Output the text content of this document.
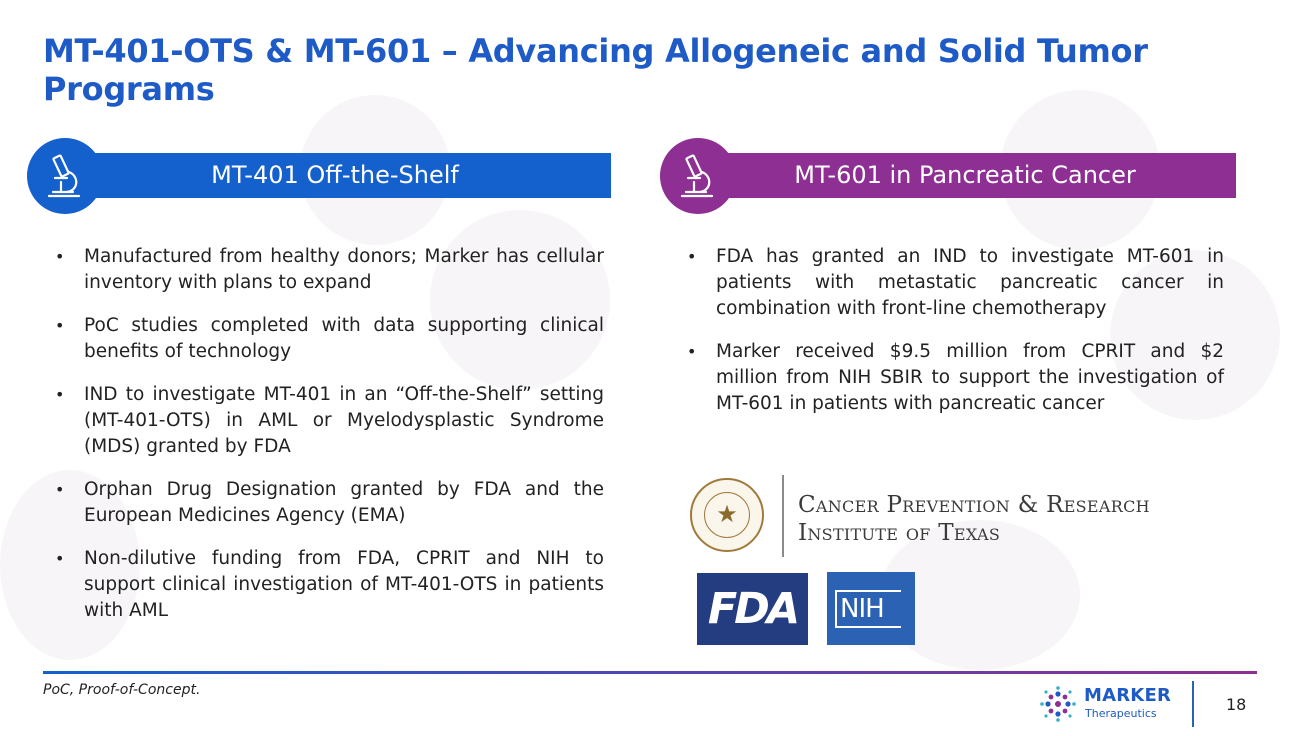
MT-401-OTS & MT-601 – Advancing Allogeneic and Solid Tumor Programs
MT-401 Off-the-Shelf	MT-601 in Pancreatic Cancer
• Manufactured from healthy donors; Marker has cellular inventory with plans to expand
• PoC studies completed with data supporting clinical benefits of technology
• IND to investigate MT-401 in an “Off-the-Shelf” setting (MT-401-OTS) in AML or Myelodysplastic Syndrome (MDS) granted by FDA
• Orphan Drug Designation granted by FDA and the European Medicines Agency (EMA)
• Non-dilutive funding from FDA, CPRIT and NIH to support clinical investigation of MT-401-OTS in patients with AML
• FDA has granted an IND to investigate MT-601 in patients with metastatic pancreatic cancer in combination with front-line chemotherapy
• Marker received $9.5 million from CPRIT and $2 million from NIH SBIR to support the investigation of MT-601 in patients with pancreatic cancer
★	Cancer Prevention & Research
Institute of Texas
FDA	NIH
PoC, Proof-of-Concept.	MARKER
Therapeutics	18
